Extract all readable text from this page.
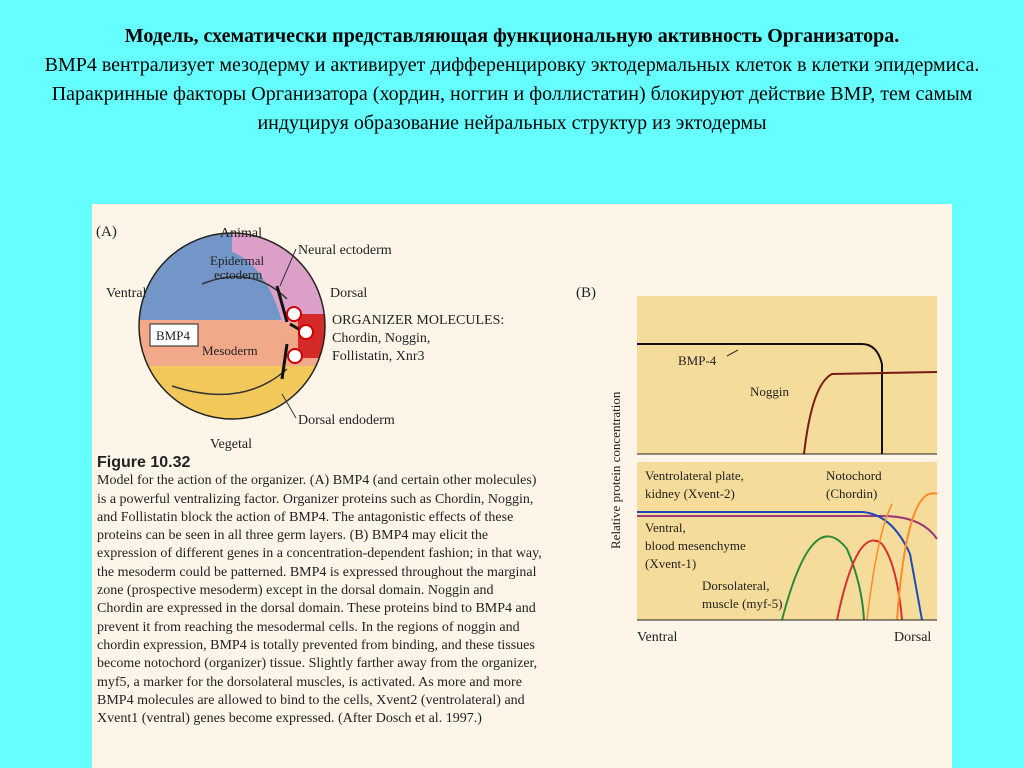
Модель, схематически представляющая функциональную активность Организатора.

BMP4 вентрализует мезодерму и активирует дифференцировку эктодермальных клеток в клетки эпидермиса. Паракринные факторы Организатора (хордин, ноггин и фоллистатин) блокируют действие BMP, тем самым индуцируя образование нейральных структур из эктодермы

(A)	Animal
Vegetal
Ventral	Dorsal
Neural ectoderm
Epidermal
ectoderm
BMP4
Mesoderm
Dorsal endoderm
ORGANIZER MOLECULES:
Chordin, Noggin,
Follistatin, Xnr3
(B)
Relative protein concentration
BMP-4
Noggin
Ventrolateral plate,
kidney (Xvent-2)
Notochord
(Chordin)
Ventral,
blood mesenchyme
(Xvent-1)
Dorsolateral,
muscle (myf-5)
Ventral	Dorsal
Figure 10.32

Model for the action of the organizer. (A) BMP4 (and certain other molecules) is a powerful ventralizing factor. Organizer proteins such as Chordin, Noggin, and Follistatin block the action of BMP4. The antagonistic effects of these proteins can be seen in all three germ layers. (B) BMP4 may elicit the expression of different genes in a concentration-dependent fashion; in that way, the mesoderm could be patterned. BMP4 is expressed throughout the marginal zone (prospective mesoderm) except in the dorsal domain. Noggin and Chordin are expressed in the dorsal domain. These proteins bind to BMP4 and prevent it from reaching the mesodermal cells. In the regions of noggin and chordin expression, BMP4 is totally prevented from binding, and these tissues become notochord (organizer) tissue. Slightly farther away from the organizer, myf5, a marker for the dorsolateral muscles, is activated. As more and more BMP4 molecules are allowed to bind to the cells, Xvent2 (ventrolateral) and Xvent1 (ventral) genes become expressed. (After Dosch et al. 1997.)
